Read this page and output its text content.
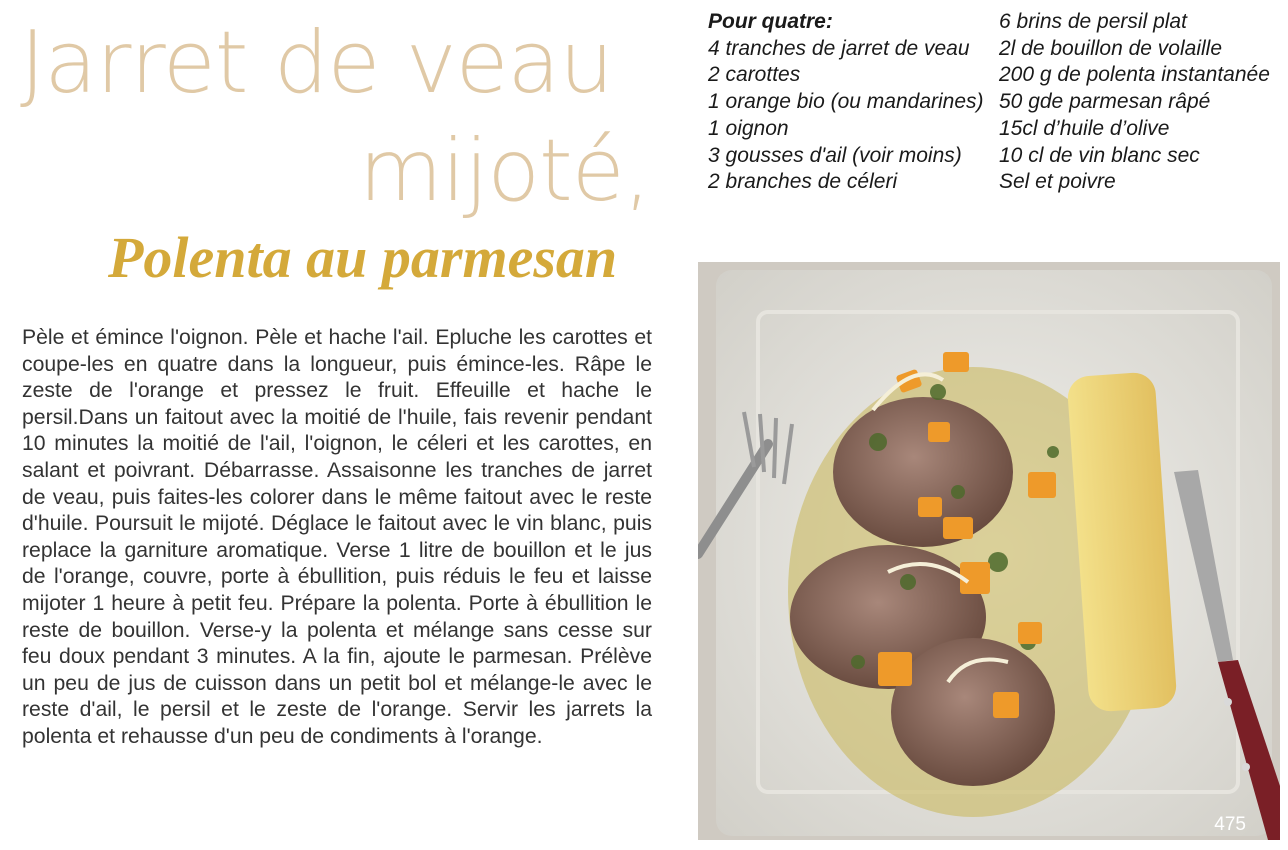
Jarret de veau
mijoté,
Polenta au parmesan

Pèle et émince l'oignon. Pèle et hache l'ail. Epluche les carottes et coupe-les en quatre dans la longueur, puis émince-les. Râpe le zeste de l'orange et pressez le fruit. Effeuille et hache le persil.Dans un faitout avec la moitié de l'huile, fais revenir pendant 10 minutes la moitié de l'ail, l'oignon, le céleri et les carottes, en salant et poivrant. Débarrasse. Assaisonne les tranches de jarret de veau, puis faites-les colorer dans le même faitout avec le reste d'huile. Poursuit le mijoté. Déglace le faitout avec le vin blanc, puis replace la garniture aromatique. Verse 1 litre de bouillon et le jus de l'orange, couvre, porte à ébullition, puis réduis le feu et laisse mijoter 1 heure à petit feu. Prépare la polenta. Porte à ébullition le reste de bouillon. Verse-y la polenta et mélange sans cesse sur feu doux pendant 3 minutes. A la fin, ajoute le parmesan. Prélève un peu de jus de cuisson dans un petit bol et mélange-le avec le reste d'ail, le persil et le zeste de l'orange. Servir les jarrets la polenta et rehausse d'un peu de condiments à l'orange.

Pour quatre:
4 tranches de jarret de veau
2 carottes
1 orange bio (ou mandarines)
1 oignon
3 gousses d'ail (voir moins)
2 branches de céleri
6 brins de persil plat
2l de bouillon de volaille
200 g de polenta instantanée
50 gde parmesan râpé
15cl d’huile d’olive
10 cl de vin blanc sec
Sel et poivre
475
